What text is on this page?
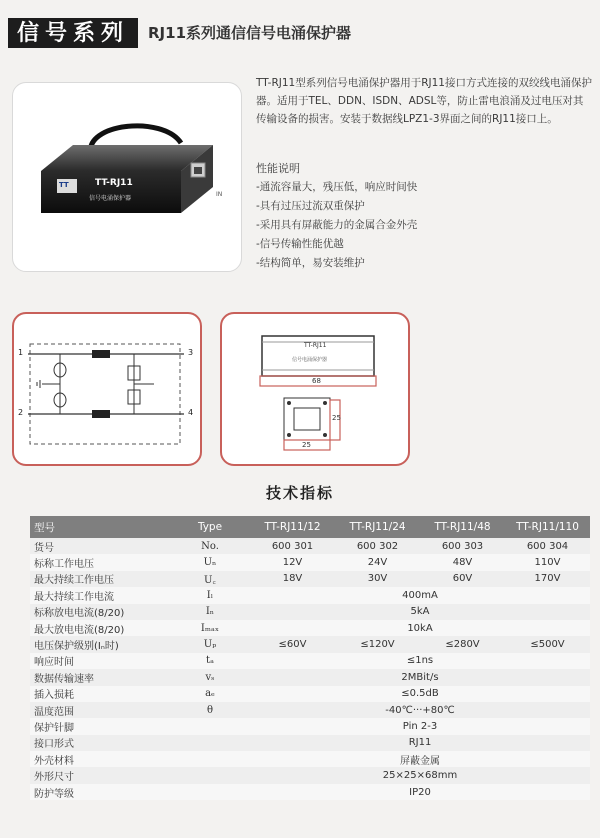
信号系列	RJ11系列通信信号电涌保护器
TT	TT-RJ11
信号电涌保护器
IN
TT-RJ11型系列信号电涌保护器用于RJ11接口方式连接的双绞线电涌保护器。适用于TEL、DDN、ISDN、ADSL等，防止雷电浪涌及过电压对其传输设备的损害。安装于数据线LPZ1-3界面之间的RJ11接口上。
性能说明
-通流容量大，残压低，响应时间快
-具有过压过流双重保护
-采用具有屏蔽能力的金属合金外壳
-信号传输性能优越
-结构简单，易安装维护
1
2
3
4
TT-RJ11
信号电涌保护器
68
25
25
技术指标
型号	Type	TT-RJ11/12	TT-RJ11/24	TT-RJ11/48	TT-RJ11/110
货号	No.	600 301	600 302	600 303	600 304
标称工作电压	Uₙ	12V	24V	48V	110V
最大持续工作电压	U꜀	18V	30V	60V	170V
最大持续工作电流	Iₗ	400mA			
标称放电电流(8/20)	Iₙ	5kA			
最大放电电流(8/20)	Iₘₐₓ	10kA			
电压保护级别(Iₙ时)	Uₚ	≤60V	≤120V	≤280V	≤500V
响应时间	tₐ	≤1ns			
数据传输速率	vₛ	2MBit/s			
插入损耗	aₑ	≤0.5dB			
温度范围	θ	-40℃···+80℃			
保护针脚		Pin 2-3			
接口形式		RJ11			
外壳材料		屏蔽金属			
外形尺寸		25×25×68mm			
防护等级		IP20			
